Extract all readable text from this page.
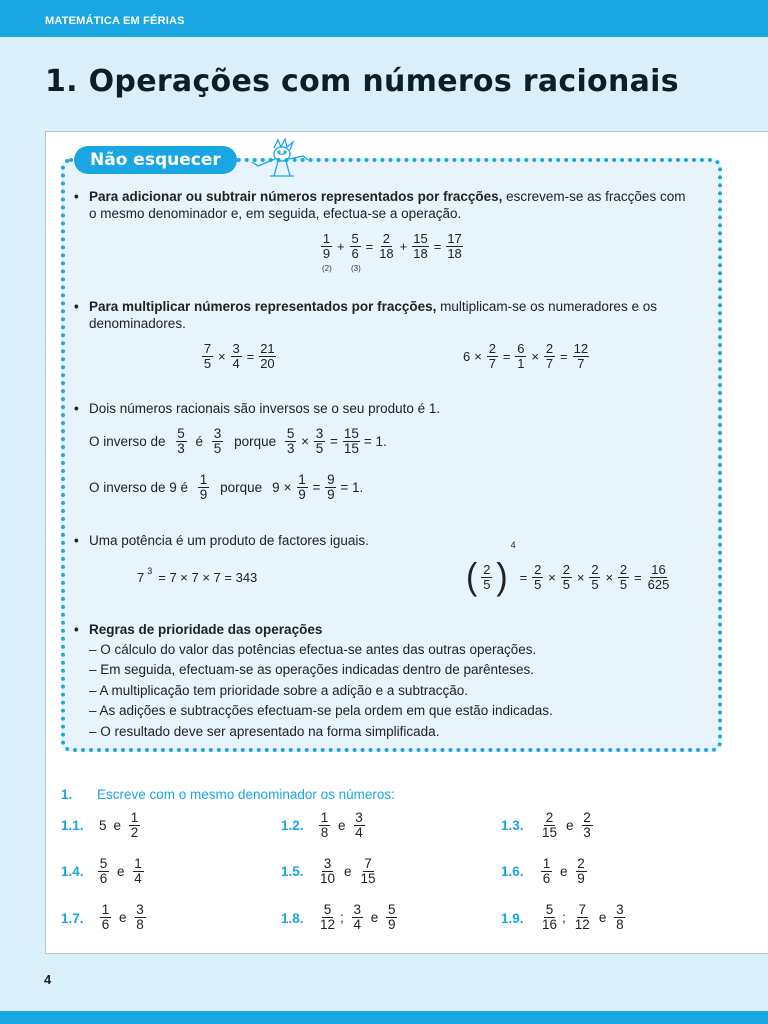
MATEMÁTICA EM FÉRIAS
1. Operações com números racionais
Não esquecer
• Para adicionar ou subtrair números representados por fracções, escrevem-se as fracções com
o mesmo denominador e, em seguida, efectua-se a operação.
$\frac{1}{9} + \frac{5}{6} = \frac{2}{18} + \frac{15}{18} = \frac{17}{18}$
(2) (3)
• Para multiplicar números representados por fracções, multiplicam-se os numeradores e os
denominadores.
$\frac{7}{5} \times \frac{3}{4} = \frac{21}{20}$	$6 \times \frac{2}{7} = \frac{6}{1} \times \frac{2}{7} = \frac{12}{7}$
• Dois números racionais são inversos se o seu produto é 1.
O inverso de $\frac{5}{3}$ é $\frac{3}{5}$ porque $\frac{5}{3} \times \frac{3}{5} = \frac{15}{15} = 1$.
O inverso de 9 é $\frac{1}{9}$ porque $9 \times \frac{1}{9} = \frac{9}{9} = 1$.
• Uma potência é um produto de factores iguais.
7 3 = 7 × 7 × 7 = 343	( $\frac{2}{5}$ )
4
= $\frac{2}{5} \times \frac{2}{5} \times \frac{2}{5} \times \frac{2}{5} = \frac{16}{625}$
• Regras de prioridade das operações
– O cálculo do valor das potências efectua-se antes das outras operações.
– Em seguida, efectuam-se as operações indicadas dentro de parênteses.
– A multiplicação tem prioridade sobre a adição e a subtracção.
– As adições e subtracções efectuam-se pela ordem em que estão indicadas.
– O resultado deve ser apresentado na forma simplificada.
1. Escreve com o mesmo denominador os números:
1.1. 5 e $\frac{1}{2}$	1.2. $\frac{1}{8}$ e $\frac{3}{4}$	1.3. $\frac{2}{15}$ e $\frac{2}{3}$
1.4. $\frac{5}{6}$ e $\frac{1}{4}$	1.5. $\frac{3}{10}$ e $\frac{7}{15}$	1.6. $\frac{1}{6}$ e $\frac{2}{9}$
1.7. $\frac{1}{6}$ e $\frac{3}{8}$	1.8. $\frac{5}{12}$ ; $\frac{3}{4}$ e $\frac{5}{9}$	1.9. $\frac{5}{16}$ ; $\frac{7}{12}$ e $\frac{3}{8}$
4
